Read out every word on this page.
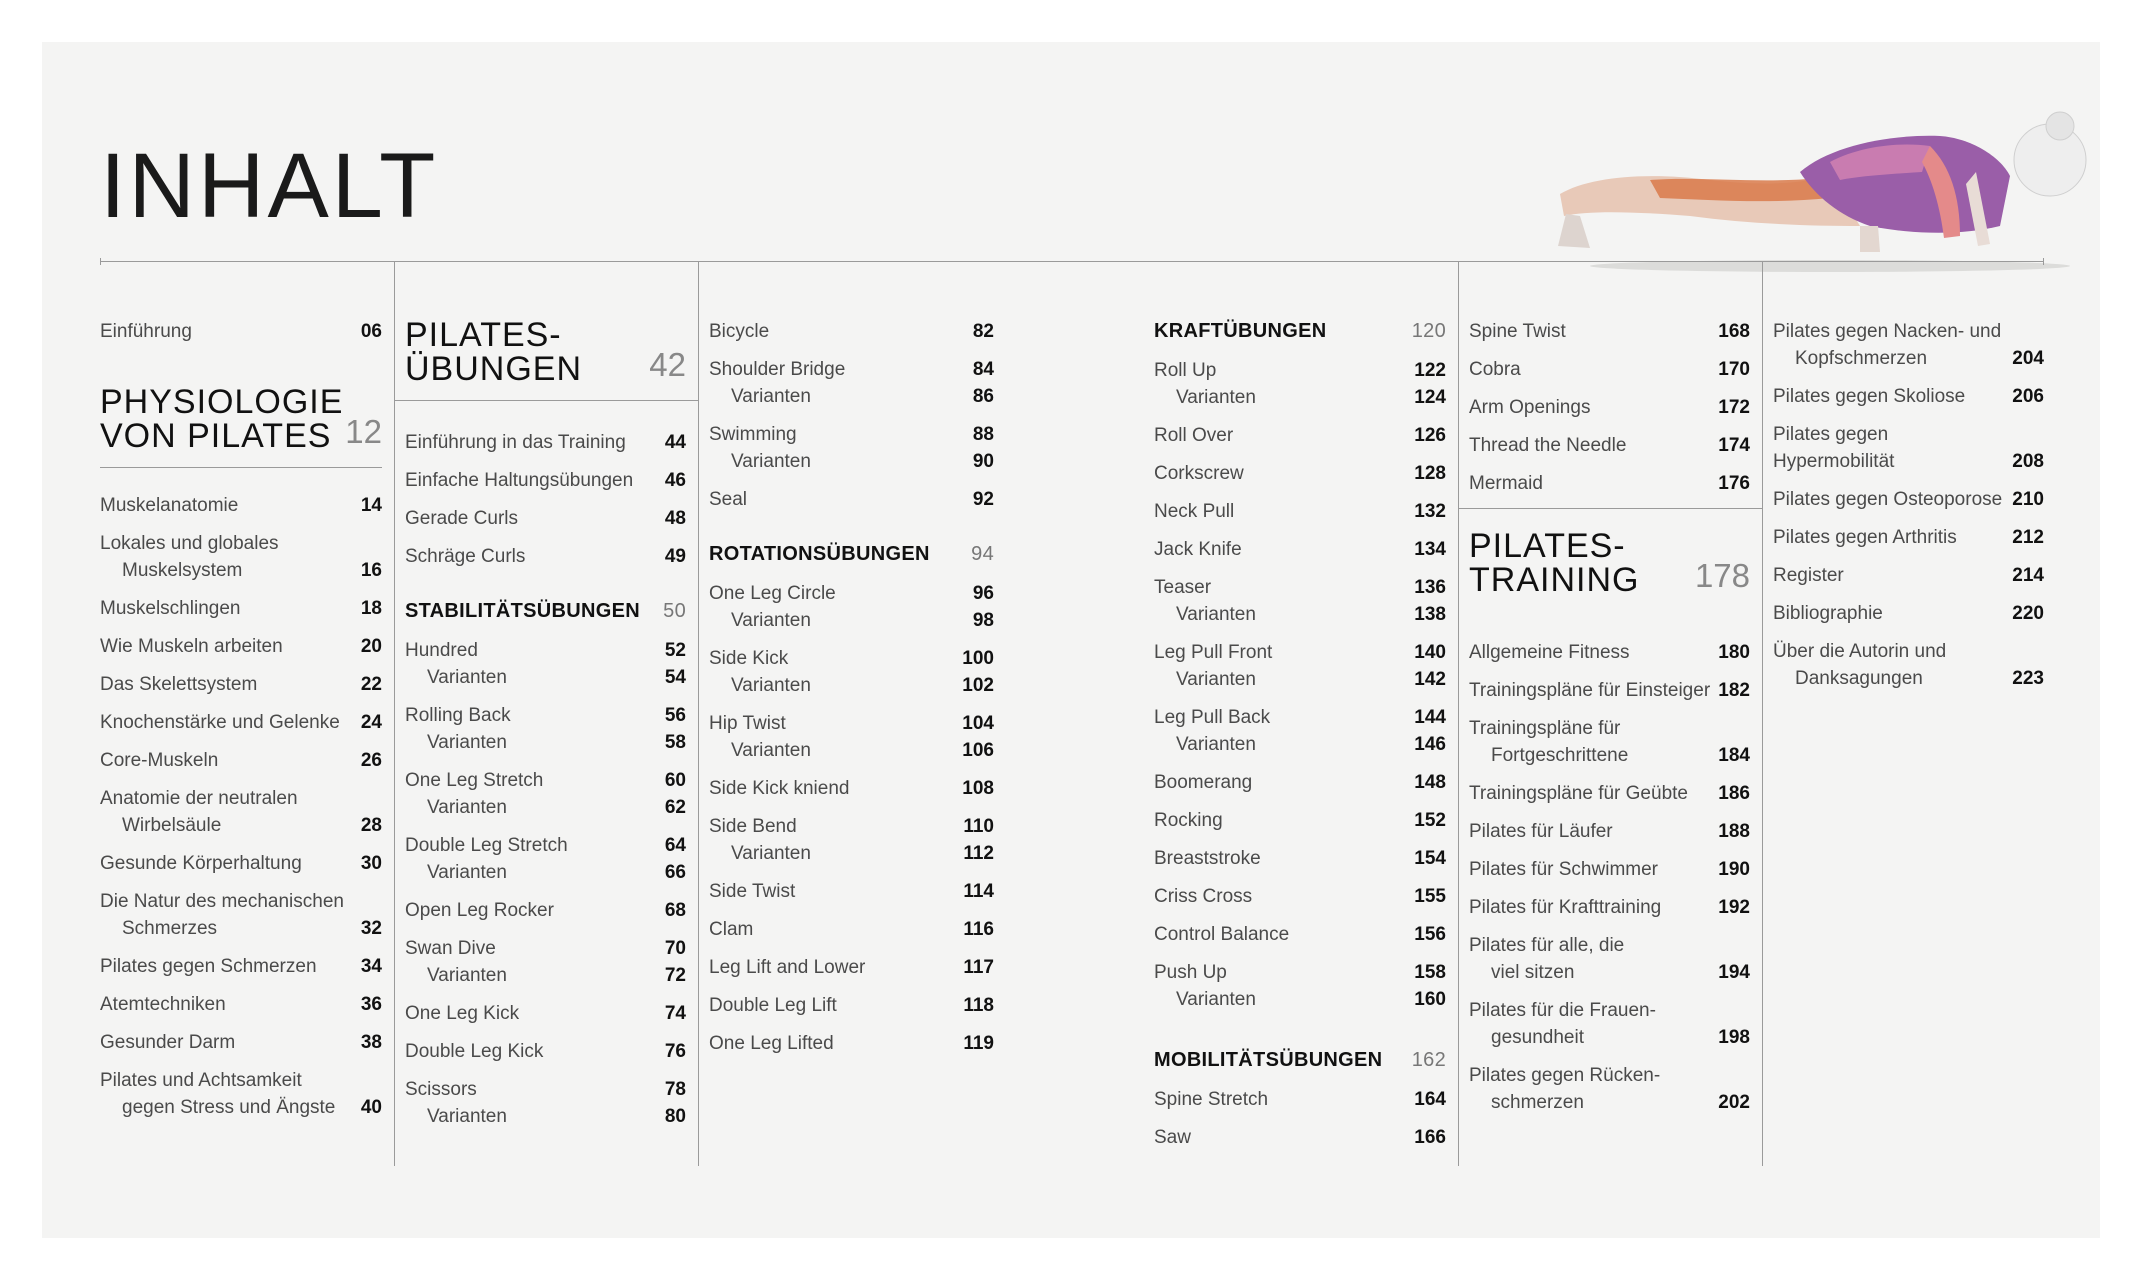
INHALT
Einführung	06
PHYSIOLOGIE
VON PILATES 12
Muskelanatomie	14
Lokales und globales
Muskelsystem	16
Muskelschlingen	18
Wie Muskeln arbeiten	20
Das Skelettsystem	22
Knochenstärke und Gelenke	24
Core-Muskeln	26
Anatomie der neutralen
Wirbelsäule	28
Gesunde Körperhaltung	30
Die Natur des mechanischen
Schmerzes	32
Pilates gegen Schmerzen	34
Atemtechniken	36
Gesunder Darm	38
Pilates und Achtsamkeit
gegen Stress und Ängste	40
PILATES-
ÜBUNGEN	42
Einführung in das Training	44
Einfache Haltungsübungen	46
Gerade Curls	48
Schräge Curls	49
STABILITÄTSÜBUNGEN 50
Hundred	52
Varianten	54
Rolling Back	56
Varianten	58
One Leg Stretch	60
Varianten	62
Double Leg Stretch	64
Varianten	66
Open Leg Rocker	68
Swan Dive	70
Varianten	72
One Leg Kick	74
Double Leg Kick	76
Scissors	78
Varianten	80
Bicycle	82
Shoulder Bridge	84
Varianten	86
Swimming	88
Varianten	90
Seal	92
ROTATIONSÜBUNGEN 94
One Leg Circle	96
Varianten	98
Side Kick	100
Varianten	102
Hip Twist	104
Varianten	106
Side Kick kniend	108
Side Bend	110
Varianten	112
Side Twist	114
Clam	116
Leg Lift and Lower	117
Double Leg Lift	118
One Leg Lifted	119
KRAFTÜBUNGEN	120
Roll Up	122
Varianten	124
Roll Over	126
Corkscrew	128
Neck Pull	132
Jack Knife	134
Teaser	136
Varianten	138
Leg Pull Front	140
Varianten	142
Leg Pull Back	144
Varianten	146
Boomerang	148
Rocking	152
Breaststroke	154
Criss Cross	155
Control Balance	156
Push Up	158
Varianten	160
MOBILITÄTSÜBUNGEN 162
Spine Stretch	164
Saw	166
Spine Twist	168
Cobra	170
Arm Openings	172
Thread the Needle	174
Mermaid	176
PILATES-
TRAINING	178
Allgemeine Fitness	180
Trainingspläne für Einsteiger 182
Trainingspläne für
Fortgeschrittene	184
Trainingspläne für Geübte	186
Pilates für Läufer	188
Pilates für Schwimmer	190
Pilates für Krafttraining	192
Pilates für alle, die
viel sitzen	194
Pilates für die Frauen-
gesundheit	198
Pilates gegen Rücken-
schmerzen	202
Pilates gegen Nacken- und
Kopfschmerzen	204
Pilates gegen Skoliose	206
Pilates gegen Hypermobilität	208
Pilates gegen Osteoporose 210
Pilates gegen Arthritis	212
Register	214
Bibliographie	220
Über die Autorin und
Danksagungen	223
